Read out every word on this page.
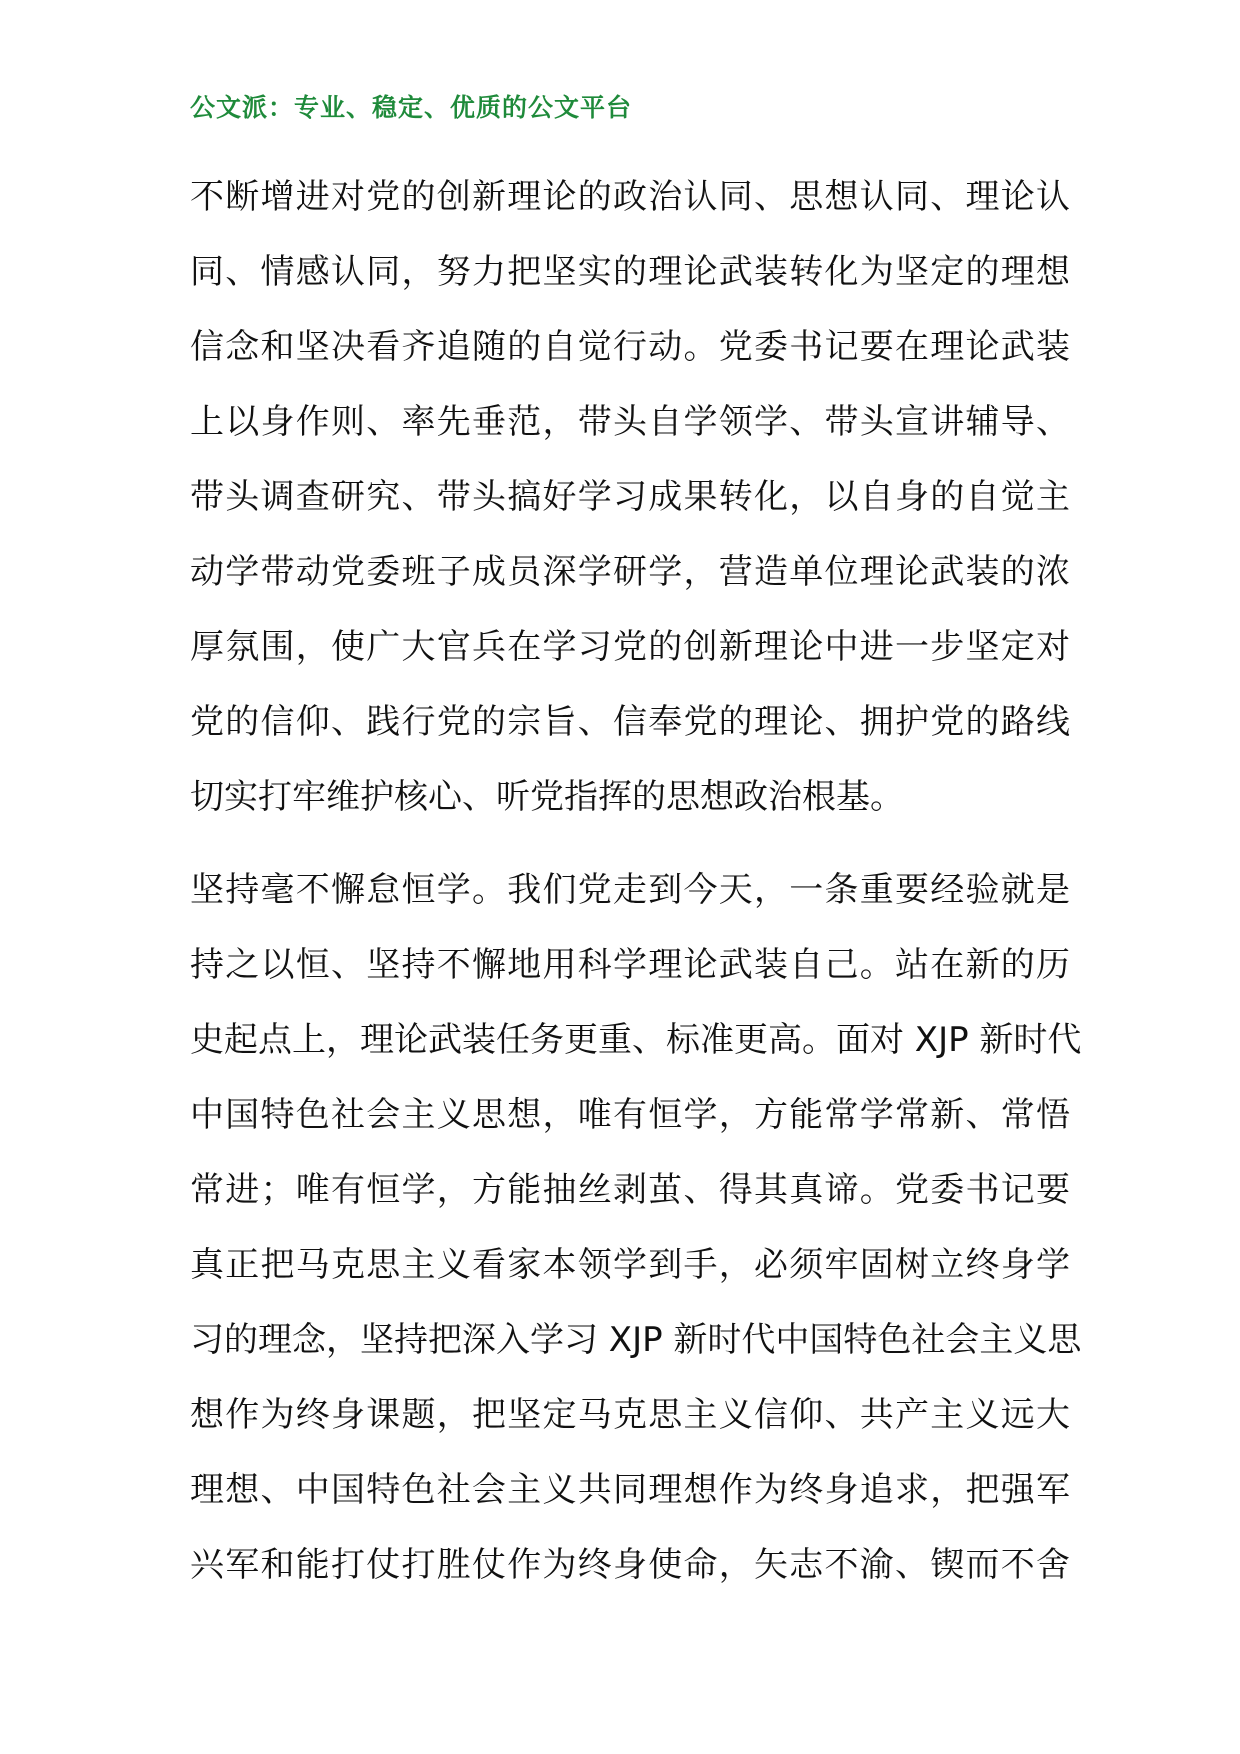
公文派：专业、稳定、优质的公文平台
不断增进对党的创新理论的政治认同、思想认同、理论认
同、情感认同，努力把坚实的理论武装转化为坚定的理想
信念和坚决看齐追随的自觉行动。党委书记要在理论武装
上以身作则、率先垂范，带头自学领学、带头宣讲辅导、
带头调查研究、带头搞好学习成果转化，以自身的自觉主
动学带动党委班子成员深学研学，营造单位理论武装的浓
厚氛围，使广大官兵在学习党的创新理论中进一步坚定对
党的信仰、践行党的宗旨、信奉党的理论、拥护党的路线
切实打牢维护核心、听党指挥的思想政治根基。
坚持毫不懈怠恒学。我们党走到今天，一条重要经验就是
持之以恒、坚持不懈地用科学理论武装自己。站在新的历
史起点上，理论武装任务更重、标准更高。面对 XJP 新时代
中国特色社会主义思想，唯有恒学，方能常学常新、常悟
常进；唯有恒学，方能抽丝剥茧、得其真谛。党委书记要
真正把马克思主义看家本领学到手，必须牢固树立终身学
习的理念，坚持把深入学习 XJP 新时代中国特色社会主义思
想作为终身课题，把坚定马克思主义信仰、共产主义远大
理想、中国特色社会主义共同理想作为终身追求，把强军
兴军和能打仗打胜仗作为终身使命，矢志不渝、锲而不舍
